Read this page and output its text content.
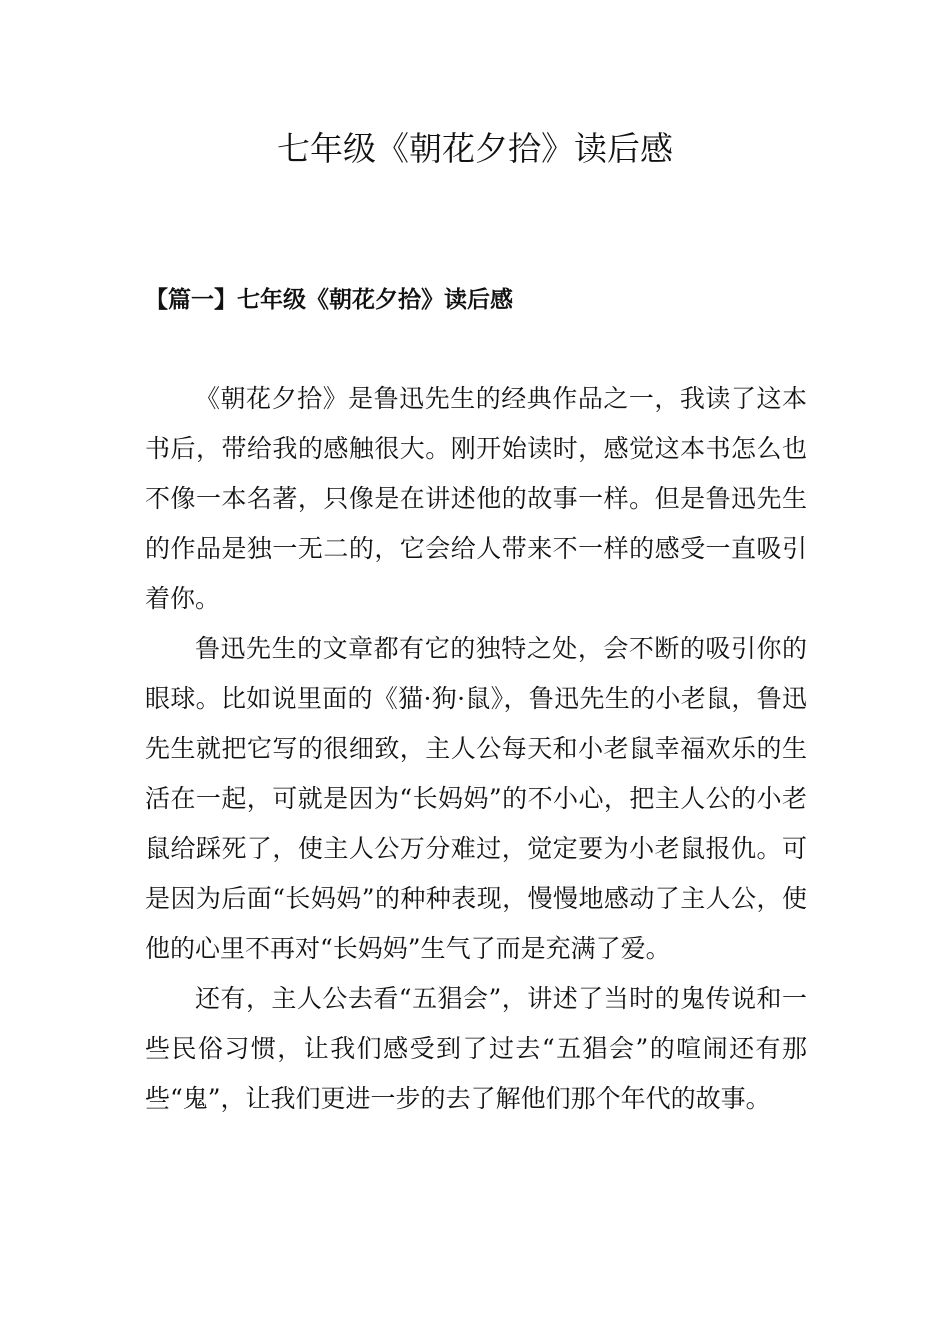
七年级《朝花夕拾》读后感
【篇一】七年级《朝花夕拾》读后感

《朝花夕拾》是鲁迅先生的经典作品之一，我读了这本书后，带给我的感触很大。刚开始读时，感觉这本书怎么也不像一本名著，只像是在讲述他的故事一样。但是鲁迅先生的作品是独一无二的，它会给人带来不一样的感受一直吸引着你。

鲁迅先生的文章都有它的独特之处，会不断的吸引你的眼球。比如说里面的《猫·狗·鼠》，鲁迅先生的小老鼠，鲁迅先生就把它写的很细致，主人公每天和小老鼠幸福欢乐的生活在一起，可就是因为“长妈妈”的不小心，把主人公的小老鼠给踩死了，使主人公万分难过，觉定要为小老鼠报仇。可是因为后面“长妈妈”的种种表现，慢慢地感动了主人公，使他的心里不再对“长妈妈”生气了而是充满了爱。

还有，主人公去看“五猖会”，讲述了当时的鬼传说和一些民俗习惯，让我们感受到了过去“五猖会”的喧闹还有那些“鬼”，让我们更进一步的去了解他们那个年代的故事。
